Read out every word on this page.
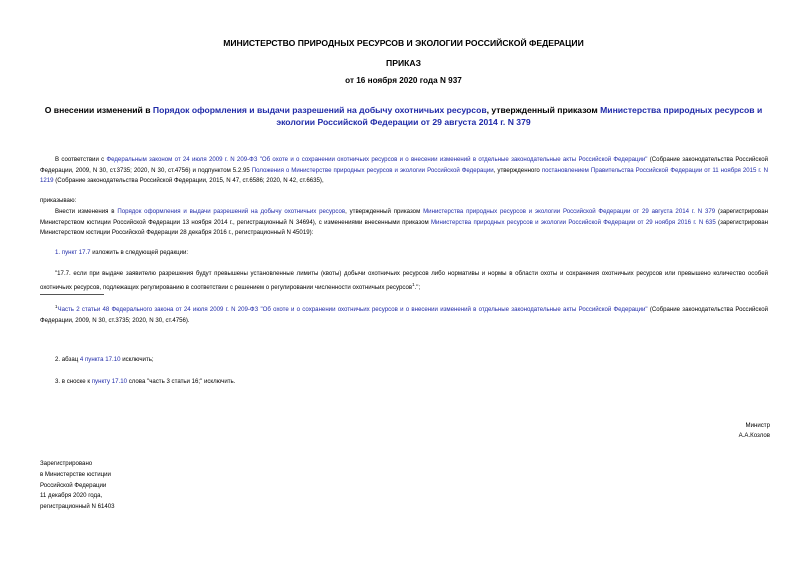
МИНИСТЕРСТВО ПРИРОДНЫХ РЕСУРСОВ И ЭКОЛОГИИ РОССИЙСКОЙ ФЕДЕРАЦИИ
ПРИКАЗ
от 16 ноября 2020 года N 937
О внесении изменений в Порядок оформления и выдачи разрешений на добычу охотничьих ресурсов, утвержденный приказом Министерства природных ресурсов и экологии Российской Федерации от 29 августа 2014 г. N 379
В соответствии с Федеральным законом от 24 июля 2009 г. N 209-ФЗ "Об охоте и о сохранении охотничьих ресурсов и о внесении изменений в отдельные законодательные акты Российской Федерации" (Собрание законодательства Российской Федерации, 2009, N 30, ст.3735; 2020, N 30, ст.4756) и подпунктом 5.2.95 Положения о Министерстве природных ресурсов и экологии Российской Федерации, утвержденного постановлением Правительства Российской Федерации от 11 ноября 2015 г. N 1219 (Собрание законодательства Российской Федерации, 2015, N 47, ст.6586; 2020, N 42, ст.6635),
приказываю:
Внести изменения в Порядок оформления и выдачи разрешений на добычу охотничьих ресурсов, утвержденный приказом Министерства природных ресурсов и экологии Российской Федерации от 29 августа 2014 г. N 379 (зарегистрирован Министерством юстиции Российской Федерации 13 ноября 2014 г., регистрационный N 34694), с изменениями внесенными приказом Министерства природных ресурсов и экологии Российской Федерации от 29 ноября 2016 г. N 635 (зарегистрирован Министерством юстиции Российской Федерации 28 декабря 2016 г., регистрационный N 45019):
1. пункт 17.7 изложить в следующей редакции:
"17.7. если при выдаче заявителю разрешения будут превышены установленные лимиты (квоты) добычи охотничьих ресурсов либо нормативы и нормы в области охоты и сохранения охотничьих ресурсов или превышено количество особей охотничьих ресурсов, подлежащих регулированию в соответствии с решением о регулировании численности охотничьих ресурсов$^1$.";
$^1$Часть 2 статьи 48 Федерального закона от 24 июля 2009 г. N 209-ФЗ "Об охоте и о сохранении охотничьих ресурсов и о внесении изменений в отдельные законодательные акты Российской Федерации" (Собрание законодательства Российской Федерации, 2009, N 30, ст.3735; 2020, N 30, ст.4756).
2. абзац 4 пункта 17.10 исключить;
3. в сноске к пункту 17.10 слова "часть 3 статьи 16;" исключить.
Министр
А.А.Козлов
Зарегистрировано
в Министерстве юстиции
Российской Федерации
11 декабря 2020 года,
регистрационный N 61403
